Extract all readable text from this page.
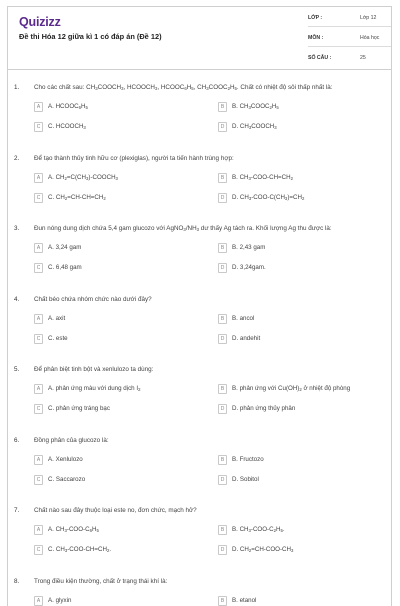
Quizizz
Đề thi Hóa 12 giữa kì 1 có đáp án (Đề 12)
LỚP :	Lớp 12
MÔN :	Hóa học
SỐ CÂU :	25
1. Cho các chất sau: $CH_3COOCH_3$, $HCOOCH_3$, $HCOOC_6H_5$, $CH_3COOC_2H_5$. Chất có nhiệt độ sôi thấp nhất là:
A	A. $HCOOC_6H_5$	B	B. $CH_3COOC_2H_5$
C	C. $HCOOCH_3$	D	D. $CH_3COOCH_3$
2. Để tạo thành thủy tinh hữu cơ (plexiglas), người ta tiến hành trùng hợp:
A	A. $CH_2=C(CH_3)-COOCH_3$	B	B. $CH_3-COO-CH=CH_2$
C	C. $CH_2=CH-CH=CH_2$	D	D. $CH_3-COO-C(CH_3)=CH_2$
3. Đun nóng dung dịch chứa 5,4 gam glucozo với $AgNO_3/NH_3$ dư thấy Ag tách ra. Khối lượng Ag thu được là:
A	A. 3,24 gam	B	B. 2,43 gam
C	C. 6,48 gam	D	D. 3,24gam.
4. Chất béo chứa nhóm chức nào dưới đây?
A	A. axit	B	B. ancol
C	C. este	D	D. andehit
5. Để phân biệt tinh bột và xenlulozo ta dùng:
A	A. phản ứng màu với dung dịch $I_2$	B	B. phản ứng với $Cu(OH)_2$ ở nhiệt độ phòng
C	C. phản ứng tráng bạc	D	D. phản ứng thủy phân
6. Đồng phân của glucozo là:
A	A. Xenlulozo	B	B. Fructozo
C	C. Saccarozo	D	D. Sobitol
7. Chất nào sau đây thuộc loại este no, đơn chức, mạch hở?
A	A. $CH_3-COO-C_6H_5$	B	B. $CH_3-COO-C_2H_5$.
C	C. $CH_3-COO-CH=CH_2$.	D	D. $CH_2=CH-COO-CH_3$
8. Trong điều kiện thường, chất ở trạng thái khí là:
A	A. glyxin	B	B. etanol
